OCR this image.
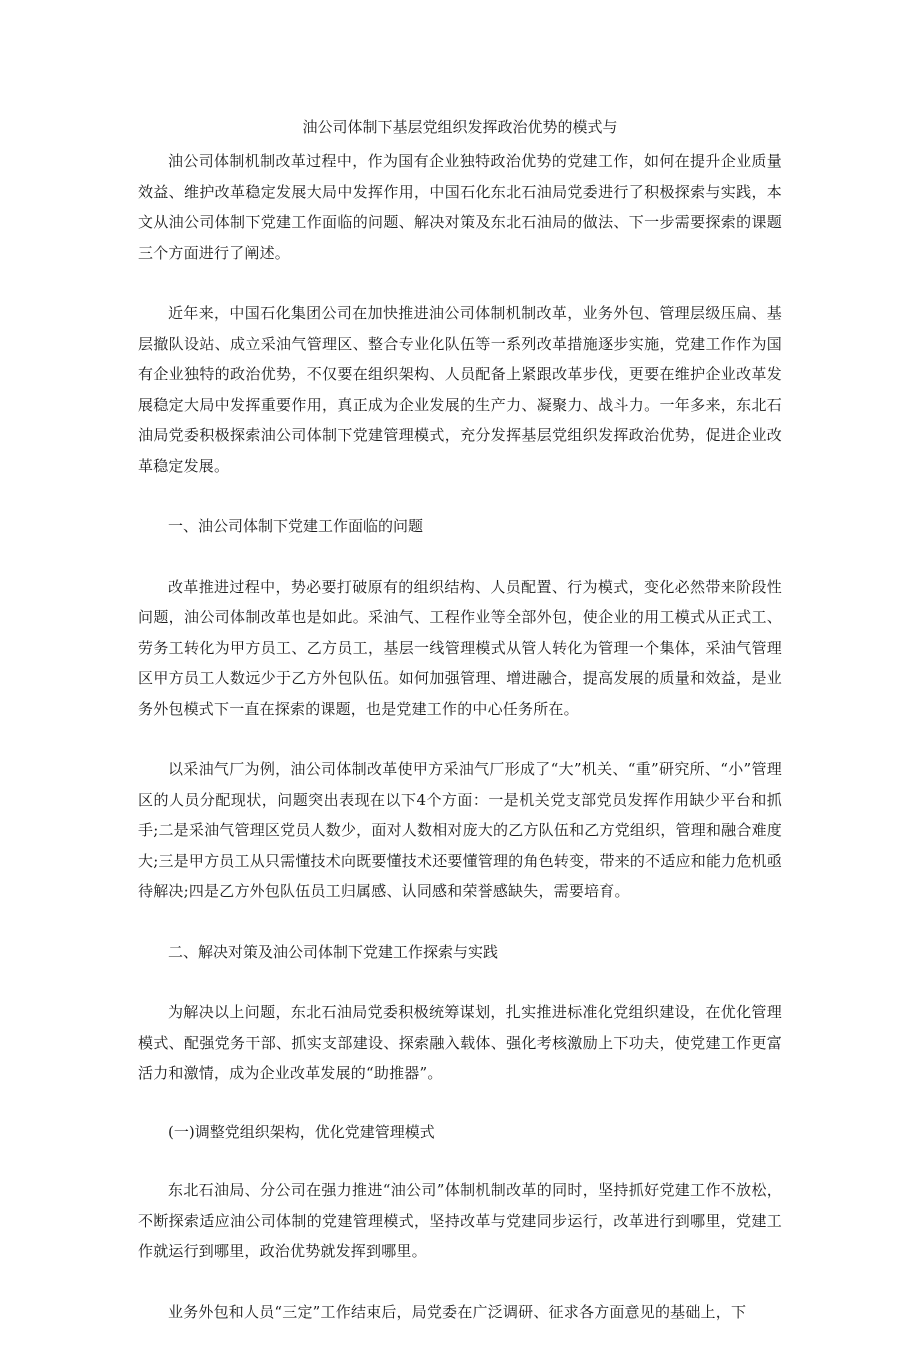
油公司体制下基层党组织发挥政治优势的模式与

油公司体制机制改革过程中，作为国有企业独特政治优势的党建工作，如何在提升企业质量效益、维护改革稳定发展大局中发挥作用，中国石化东北石油局党委进行了积极探索与实践，本文从油公司体制下党建工作面临的问题、解决对策及东北石油局的做法、下一步需要探索的课题三个方面进行了阐述。

近年来，中国石化集团公司在加快推进油公司体制机制改革，业务外包、管理层级压扁、基层撤队设站、成立采油气管理区、整合专业化队伍等一系列改革措施逐步实施，党建工作作为国有企业独特的政治优势，不仅要在组织架构、人员配备上紧跟改革步伐，更要在维护企业改革发展稳定大局中发挥重要作用，真正成为企业发展的生产力、凝聚力、战斗力。一年多来，东北石油局党委积极探索油公司体制下党建管理模式，充分发挥基层党组织发挥政治优势，促进企业改革稳定发展。

一、油公司体制下党建工作面临的问题

改革推进过程中，势必要打破原有的组织结构、人员配置、行为模式，变化必然带来阶段性问题，油公司体制改革也是如此。采油气、工程作业等全部外包，使企业的用工模式从正式工、劳务工转化为甲方员工、乙方员工，基层一线管理模式从管人转化为管理一个集体，采油气管理区甲方员工人数远少于乙方外包队伍。如何加强管理、增进融合，提高发展的质量和效益，是业务外包模式下一直在探索的课题，也是党建工作的中心任务所在。

以采油气厂为例，油公司体制改革使甲方采油气厂形成了“大”机关、“重”研究所、“小”管理区的人员分配现状，问题突出表现在以下4个方面：一是机关党支部党员发挥作用缺少平台和抓手;二是采油气管理区党员人数少，面对人数相对庞大的乙方队伍和乙方党组织，管理和融合难度大;三是甲方员工从只需懂技术向既要懂技术还要懂管理的角色转变，带来的不适应和能力危机亟待解决;四是乙方外包队伍员工归属感、认同感和荣誉感缺失，需要培育。

二、解决对策及油公司体制下党建工作探索与实践

为解决以上问题，东北石油局党委积极统筹谋划，扎实推进标准化党组织建设，在优化管理模式、配强党务干部、抓实支部建设、探索融入载体、强化考核激励上下功夫，使党建工作更富活力和激情，成为企业改革发展的“助推器”。

(一)调整党组织架构，优化党建管理模式

东北石油局、分公司在强力推进“油公司”体制机制改革的同时，坚持抓好党建工作不放松，不断探索适应油公司体制的党建管理模式，坚持改革与党建同步运行，改革进行到哪里，党建工作就运行到哪里，政治优势就发挥到哪里。

业务外包和人员“三定”工作结束后，局党委在广泛调研、征求各方面意见的基础上，下
